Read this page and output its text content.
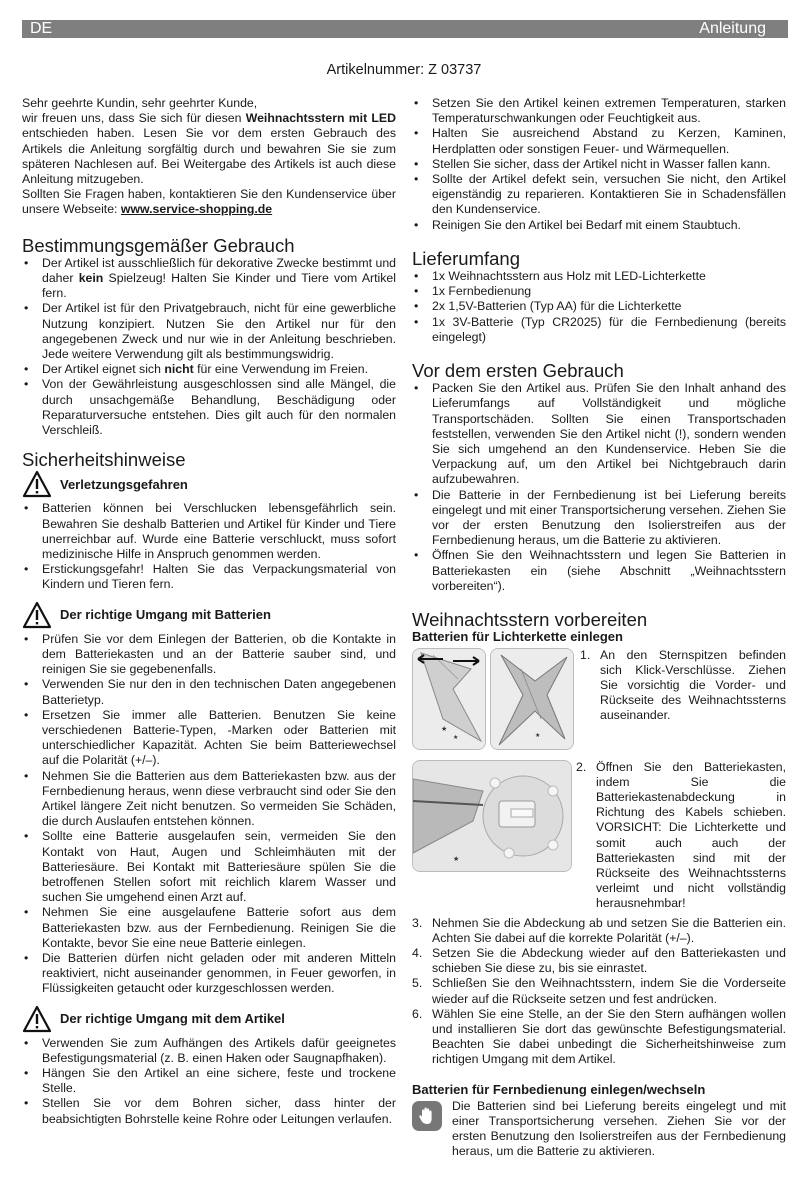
DE	Anleitung
Artikelnummer: Z 03737

Sehr geehrte Kundin, sehr geehrter Kunde,

wir freuen uns, dass Sie sich für diesen Weihnachtsstern mit LED entschieden haben. Lesen Sie vor dem ersten Gebrauch des Artikels die Anleitung sorgfältig durch und bewahren Sie sie zum späteren Nachlesen auf. Bei Weitergabe des Artikels ist auch diese Anleitung mitzugeben.

Sollten Sie Fragen haben, kontaktieren Sie den Kundenservice über unsere Webseite: www.service-shopping.de

Bestimmungsgemäßer Gebrauch
• Der Artikel ist ausschließlich für dekorative Zwecke bestimmt und daher kein Spielzeug! Halten Sie Kinder und Tiere vom Artikel fern.
• Der Artikel ist für den Privatgebrauch, nicht für eine gewerbliche Nutzung konzipiert. Nutzen Sie den Artikel nur für den angegebenen Zweck und nur wie in der Anleitung beschrieben. Jede weitere Verwendung gilt als bestimmungswidrig.
• Der Artikel eignet sich nicht für eine Verwendung im Freien.
• Von der Gewährleistung ausgeschlossen sind alle Mängel, die durch unsachgemäße Behandlung, Beschädigung oder Reparaturversuche entstehen. Dies gilt auch für den normalen Verschleiß.
Sicherheitshinweise
Verletzungsgefahren
• Batterien können bei Verschlucken lebensgefährlich sein. Bewahren Sie deshalb Batterien und Artikel für Kinder und Tiere unerreichbar auf. Wurde eine Batterie verschluckt, muss sofort medizinische Hilfe in Anspruch genommen werden.
• Erstickungsgefahr! Halten Sie das Verpackungsmaterial von Kindern und Tieren fern.
Der richtige Umgang mit Batterien
• Prüfen Sie vor dem Einlegen der Batterien, ob die Kontakte in dem Batteriekasten und an der Batterie sauber sind, und reinigen Sie sie gegebenenfalls.
• Verwenden Sie nur den in den technischen Daten angegebenen Batterietyp.
• Ersetzen Sie immer alle Batterien. Benutzen Sie keine verschiedenen Batterie-Typen, -Marken oder Batterien mit unterschiedlicher Kapazität. Achten Sie beim Batteriewechsel auf die Polarität (+/–).
• Nehmen Sie die Batterien aus dem Batteriekasten bzw. aus der Fernbedienung heraus, wenn diese verbraucht sind oder Sie den Artikel längere Zeit nicht benutzen. So vermeiden Sie Schäden, die durch Auslaufen entstehen können.
• Sollte eine Batterie ausgelaufen sein, vermeiden Sie den Kontakt von Haut, Augen und Schleimhäuten mit der Batteriesäure. Bei Kontakt mit Batteriesäure spülen Sie die betroffenen Stellen sofort mit reichlich klarem Wasser und suchen Sie umgehend einen Arzt auf.
• Nehmen Sie eine ausgelaufene Batterie sofort aus dem Batteriekasten bzw. aus der Fernbedienung. Reinigen Sie die Kontakte, bevor Sie eine neue Batterie einlegen.
• Die Batterien dürfen nicht geladen oder mit anderen Mitteln reaktiviert, nicht auseinander genommen, in Feuer geworfen, in Flüssigkeiten getaucht oder kurzgeschlossen werden.
Der richtige Umgang mit dem Artikel
• Verwenden Sie zum Aufhängen des Artikels dafür geeignetes Befestigungsmaterial (z. B. einen Haken oder Saugnapfhaken).
• Hängen Sie den Artikel an eine sichere, feste und trockene Stelle.
• Stellen Sie vor dem Bohren sicher, dass hinter der beabsichtigten Bohrstelle keine Rohre oder Leitungen verlaufen.
• Setzen Sie den Artikel keinen extremen Temperaturen, starken Temperaturschwankungen oder Feuchtigkeit aus.
• Halten Sie ausreichend Abstand zu Kerzen, Kaminen, Herdplatten oder sonstigen Feuer- und Wärmequellen.
• Stellen Sie sicher, dass der Artikel nicht in Wasser fallen kann.
• Sollte der Artikel defekt sein, versuchen Sie nicht, den Artikel eigenständig zu reparieren. Kontaktieren Sie in Schadensfällen den Kundenservice.
• Reinigen Sie den Artikel bei Bedarf mit einem Staubtuch.
Lieferumfang
• 1x Weihnachtsstern aus Holz mit LED-Lichterkette
• 1x Fernbedienung
• 2x 1,5V-Batterien (Typ AA) für die Lichterkette
• 1x 3V-Batterie (Typ CR2025) für die Fernbedienung (bereits eingelegt)
Vor dem ersten Gebrauch
• Packen Sie den Artikel aus. Prüfen Sie den Inhalt anhand des Lieferumfangs auf Vollständigkeit und mögliche Transportschäden. Sollten Sie einen Transportschaden feststellen, verwenden Sie den Artikel nicht (!), sondern wenden Sie sich umgehend an den Kundenservice. Heben Sie die Verpackung auf, um den Artikel bei Nichtgebrauch darin aufzubewahren.
• Die Batterie in der Fernbedienung ist bei Lieferung bereits eingelegt und mit einer Transportsicherung versehen. Ziehen Sie vor der ersten Benutzung den Isolierstreifen aus der Fernbedienung heraus, um die Batterie zu aktivieren.
• Öffnen Sie den Weihnachtsstern und legen Sie Batterien in Batteriekasten ein (siehe Abschnitt „Weihnachtsstern vorbereiten“).
Weihnachtsstern vorbereiten
Batterien für Lichterkette einlegen
★
★	★
1. An den Sternspitzen befinden sich Klick-Verschlüsse. Ziehen Sie vorsichtig die Vorder- und Rückseite des Weihnachtssterns auseinander.
★
2. Öffnen Sie den Batteriekasten, indem Sie die Batteriekastenabdeckung in Richtung des Kabels schieben. VORSICHT: Die Lichterkette und somit auch auch der Batteriekasten sind mit der Rückseite des Weihnachtssterns verleimt und nicht vollständig herausnehmbar!
3. Nehmen Sie die Abdeckung ab und setzen Sie die Batterien ein. Achten Sie dabei auf die korrekte Polarität (+/–).
4. Setzen Sie die Abdeckung wieder auf den Batteriekasten und schieben Sie diese zu, bis sie einrastet.
5. Schließen Sie den Weihnachtsstern, indem Sie die Vorderseite wieder auf die Rückseite setzen und fest andrücken.
6. Wählen Sie eine Stelle, an der Sie den Stern aufhängen wollen und installieren Sie dort das gewünschte Befestigungsmaterial. Beachten Sie dabei unbedingt die Sicherheitshinweise zum richtigen Umgang mit dem Artikel.
Batterien für Fernbedienung einlegen/wechseln

Die Batterien sind bei Lieferung bereits eingelegt und mit einer Transportsicherung versehen. Ziehen Sie vor der ersten Benutzung den Isolierstreifen aus der Fernbedienung heraus, um die Batterie zu aktivieren.
